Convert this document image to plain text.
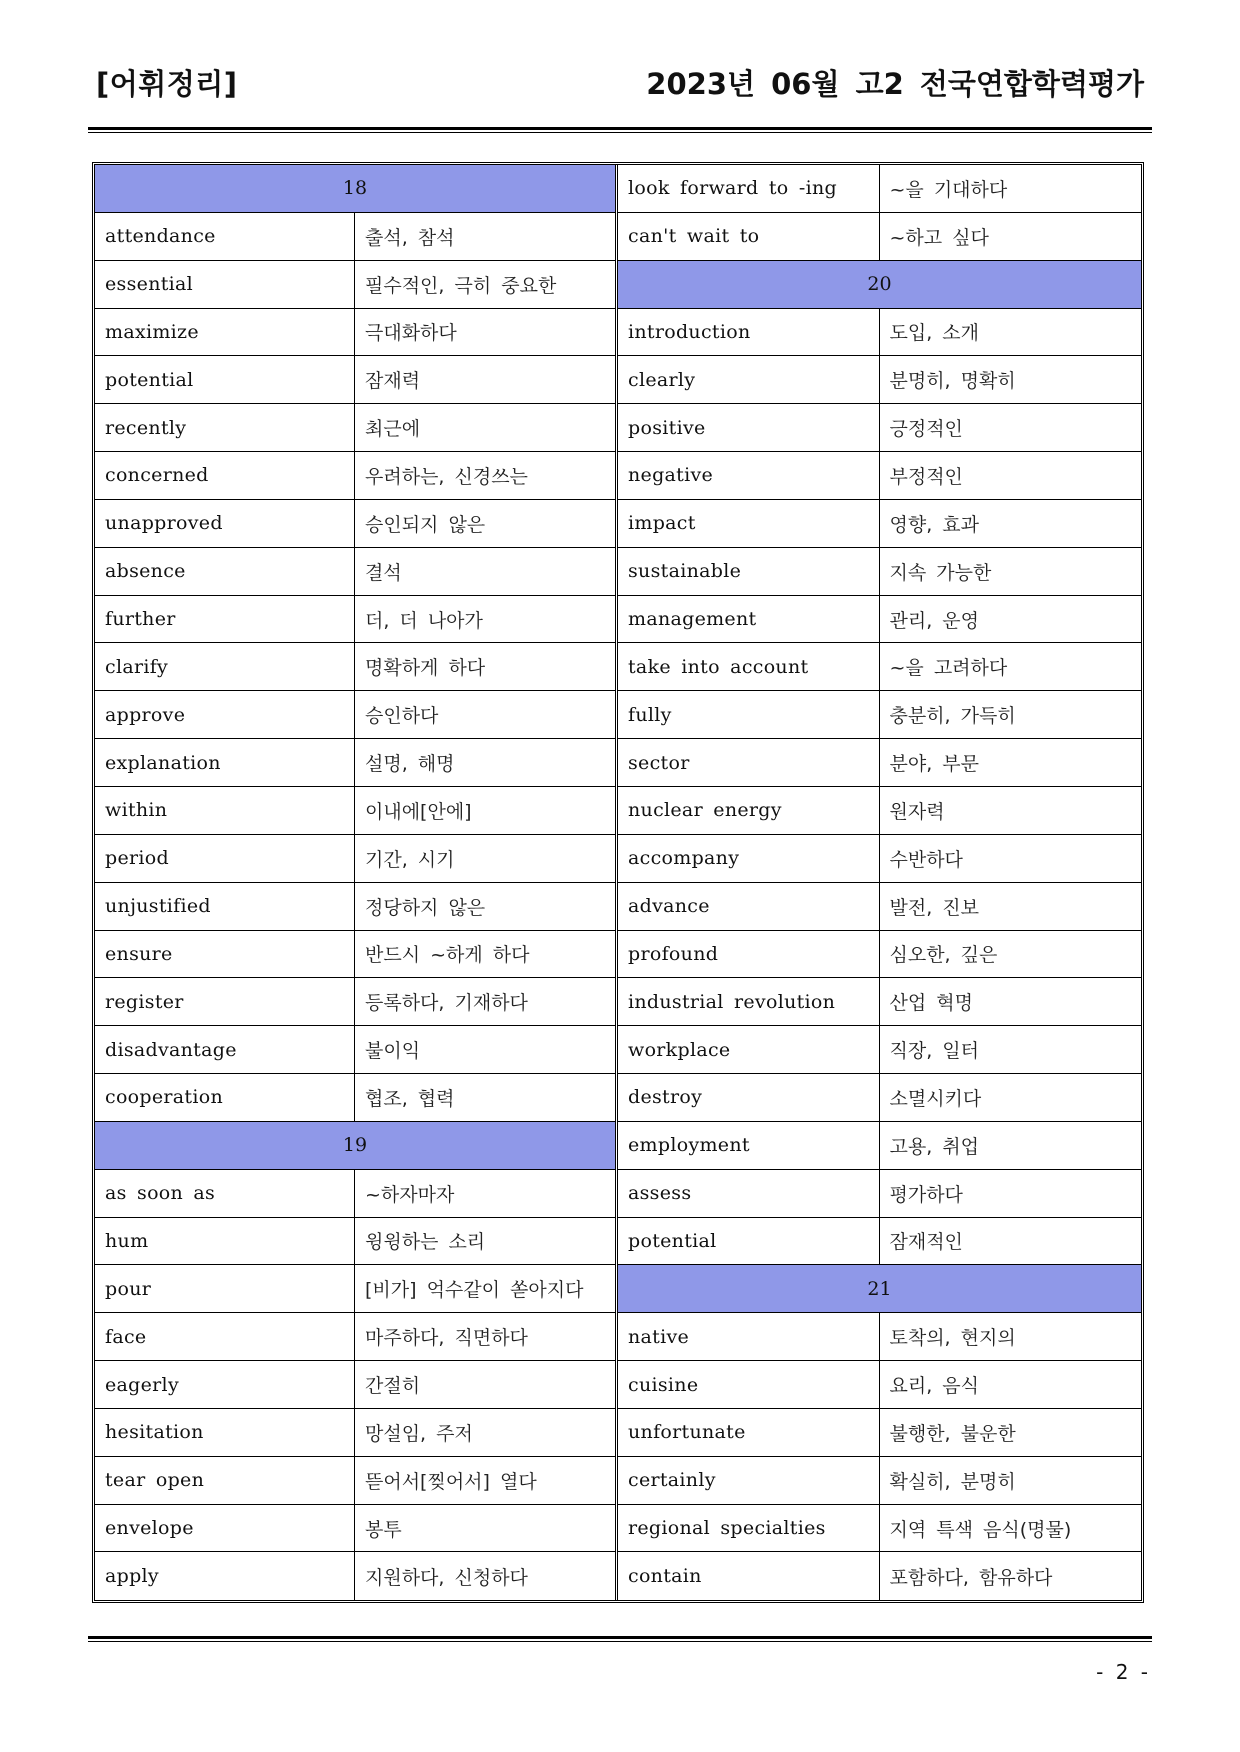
[어휘정리]	2023년 06월 고2 전국연합학력평가
18
attendance	출석, 참석
essential	필수적인, 극히 중요한
maximize	극대화하다
potential	잠재력
recently	최근에
concerned	우려하는, 신경쓰는
unapproved	승인되지 않은
absence	결석
further	더, 더 나아가
clarify	명확하게 하다
approve	승인하다
explanation	설명, 해명
within	이내에[안에]
period	기간, 시기
unjustified	정당하지 않은
ensure	반드시 ~하게 하다
register	등록하다, 기재하다
disadvantage	불이익
cooperation	협조, 협력
19
as soon as	~하자마자
hum	윙윙하는 소리
pour	[비가] 억수같이 쏟아지다
face	마주하다, 직면하다
eagerly	간절히
hesitation	망설임, 주저
tear open	뜯어서[찢어서] 열다
envelope	봉투
apply	지원하다, 신청하다
look forward to -ing	~을 기대하다
can't wait to	~하고 싶다
20
introduction	도입, 소개
clearly	분명히, 명확히
positive	긍정적인
negative	부정적인
impact	영향, 효과
sustainable	지속 가능한
management	관리, 운영
take into account	~을 고려하다
fully	충분히, 가득히
sector	분야, 부문
nuclear energy	원자력
accompany	수반하다
advance	발전, 진보
profound	심오한, 깊은
industrial revolution	산업 혁명
workplace	직장, 일터
destroy	소멸시키다
employment	고용, 취업
assess	평가하다
potential	잠재적인
21
native	토착의, 현지의
cuisine	요리, 음식
unfortunate	불행한, 불운한
certainly	확실히, 분명히
regional specialties	지역 특색 음식(명물)
contain	포함하다, 함유하다
- 2 -
